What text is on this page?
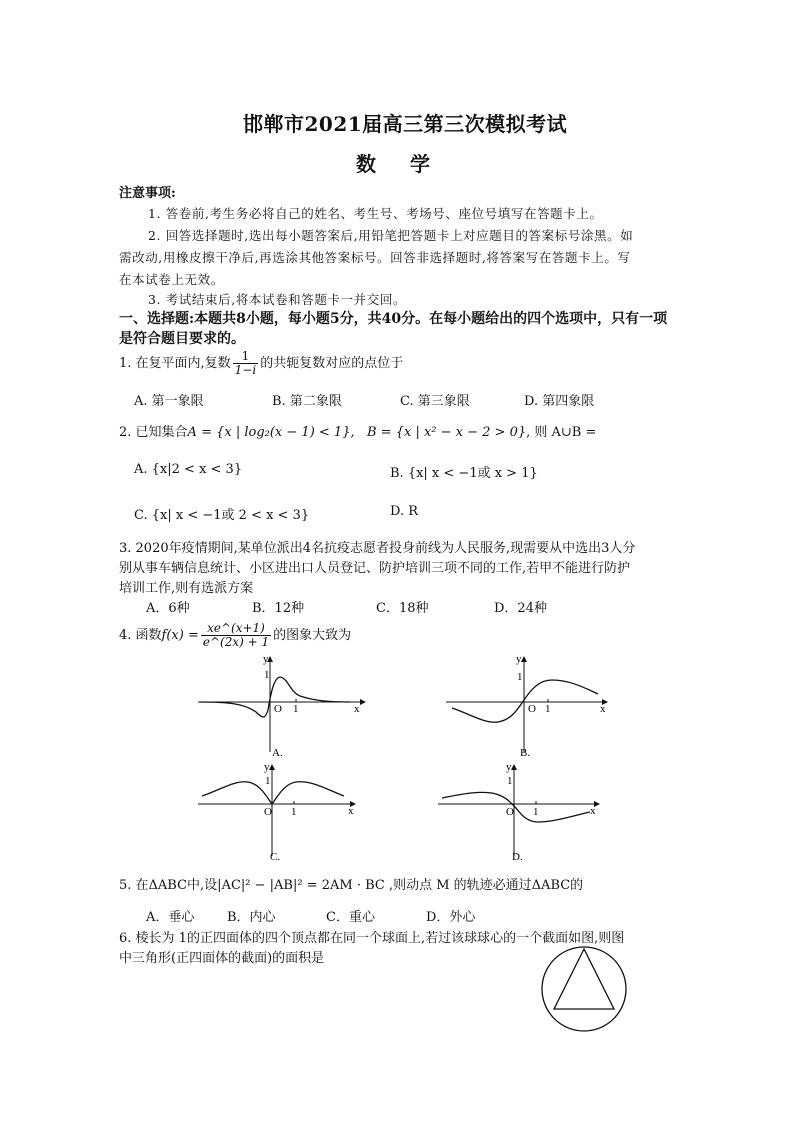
邯郸市2021届高三第三次模拟考试
数学
注意事项:
1. 答卷前,考生务必将自己的姓名、考生号、考场号、座位号填写在答题卡上。
2. 回答选择题时,选出每小题答案后,用铅笔把答题卡上对应题目的答案标号涂黑。如
需改动,用橡皮擦干净后,再选涂其他答案标号。回答非选择题时,将答案写在答题卡上。写
在本试卷上无效。
3. 考试结束后,将本试卷和答题卡一并交回。
一、选择题:本题共8小题，每小题5分，共40分。在每小题给出的四个选项中，只有一项
是符合题目要求的。
1. 在复平面内,复数 $\frac{1}{1-i}$ 的共轭复数对应的点位于
A. 第一象限	B. 第二象限	C. 第三象限	D. 第四象限
2. 已知集合A = {x | log₂(x − 1) < 1}, B = {x | x² − x − 2 > 0}, 则 A∪B =
A. {x|2 < x < 3}	B. {x| x < −1或 x > 1}
C. {x| x < −1或 2 < x < 3}	D. R
3. 2020年疫情期间,某单位派出4名抗疫志愿者投身前线为人民服务,现需要从中选出3人分
别从事车辆信息统计、小区进出口人员登记、防护培训三项不同的工作,若甲不能进行防护
培训工作,则有选派方案
A．6种	B．12种	C．18种	D．24种
4. 函数$f(x) = \frac{xe\^{}(x+1)}{e\^{}(2x) + 1}$ 的图象大致为
y
1
O 1	x
A.
y
1
O 1	x
B.
y
1
O 1	x
C.
y
1
O 1	x
D.
5. 在ΔABC中,设|AC|² − |AB|² = 2AM · BC ,则动点 M 的轨迹必通过ΔABC的
A．垂心	B．内心	C．重心	D．外心
6. 棱长为 1的正四面体的四个顶点都在同一个球面上,若过该球球心的一个截面如图,则图
中三角形(正四面体的截面)的面积是
